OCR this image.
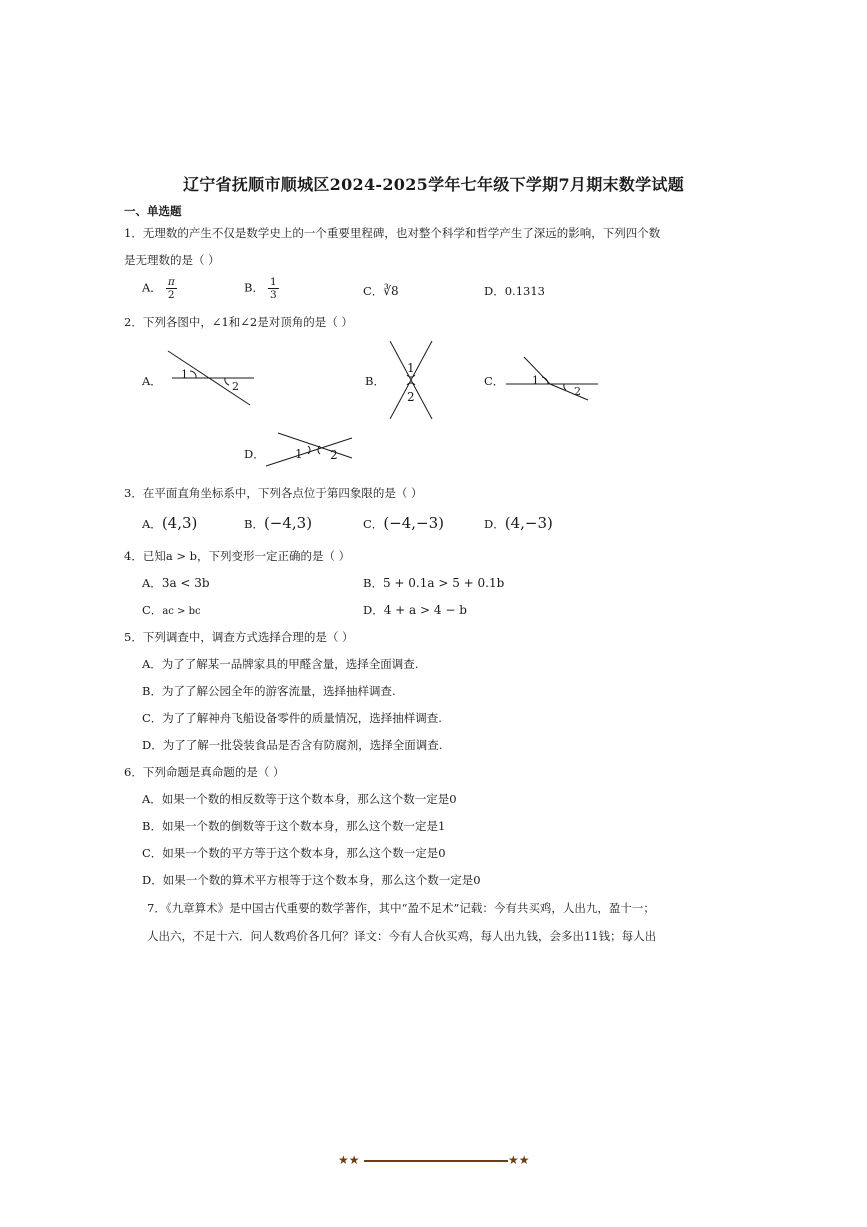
辽宁省抚顺市顺城区2024-2025学年七年级下学期7月期末数学试题
一、单选题
1．无理数的产生不仅是数学史上的一个重要里程碑，也对整个科学和哲学产生了深远的影响，下列四个数
是无理数的是（ ）
A． $\frac{\pi}{2}$	B． $\frac{1}{3}$	C．∛8	D．0.1313
2．下列各图中，∠1和∠2是对顶角的是（ ）
A． 1
2	B．
1
2
C．	1
2
D．	1 2
3．在平面直角坐标系中，下列各点位于第四象限的是（ ）
A．(4,3)	B．(−4,3)	C．(−4,−3)	D．(4,−3)
4．已知a > b，下列变形一定正确的是（ ）
A．3a < 3b	B．5 + 0.1a > 5 + 0.1b
C．ac > bc	D．4 + a > 4 − b
5．下列调查中，调查方式选择合理的是（ ）
A．为了了解某一品牌家具的甲醛含量，选择全面调查.
B．为了了解公园全年的游客流量，选择抽样调查.
C．为了了解神舟飞船设备零件的质量情况，选择抽样调查.
D．为了了解一批袋装食品是否含有防腐剂，选择全面调查.
6．下列命题是真命题的是（ ）
A．如果一个数的相反数等于这个数本身，那么这个数一定是0
B．如果一个数的倒数等于这个数本身，那么这个数一定是1
C．如果一个数的平方等于这个数本身，那么这个数一定是0
D．如果一个数的算术平方根等于这个数本身，那么这个数一定是0
7．《九章算术》是中国古代重要的数学著作，其中“盈不足术”记载：今有共买鸡，人出九，盈十一；
人出六，不足十六．问人数鸡价各几何？译文：今有人合伙买鸡，每人出九钱，会多出11钱；每人出
★★	★★
